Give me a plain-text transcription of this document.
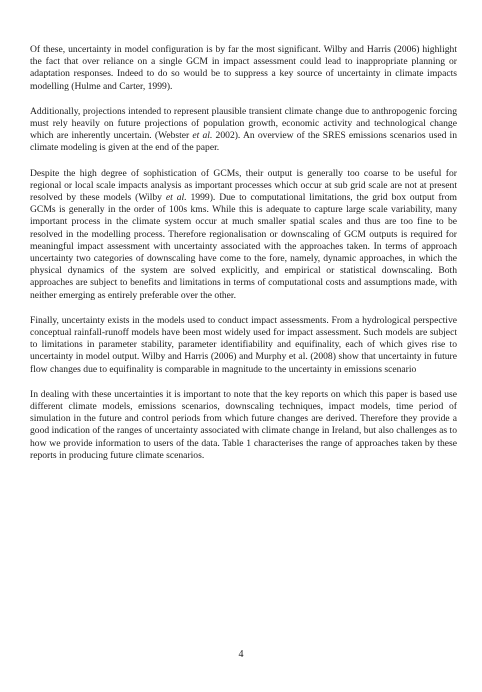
Of these, uncertainty in model configuration is by far the most significant. Wilby and Harris (2006) highlight the fact that over reliance on a single GCM in impact assessment could lead to inappropriate planning or adaptation responses. Indeed to do so would be to suppress a key source of uncertainty in climate impacts modelling (Hulme and Carter, 1999).

Additionally, projections intended to represent plausible transient climate change due to anthropogenic forcing must rely heavily on future projections of population growth, economic activity and technological change which are inherently uncertain. (Webster et al. 2002). An overview of the SRES emissions scenarios used in climate modeling is given at the end of the paper.

Despite the high degree of sophistication of GCMs, their output is generally too coarse to be useful for regional or local scale impacts analysis as important processes which occur at sub grid scale are not at present resolved by these models (Wilby et al. 1999). Due to computational limitations, the grid box output from GCMs is generally in the order of 100s kms. While this is adequate to capture large scale variability, many important process in the climate system occur at much smaller spatial scales and thus are too fine to be resolved in the modelling process. Therefore regionalisation or downscaling of GCM outputs is required for meaningful impact assessment with uncertainty associated with the approaches taken. In terms of approach uncertainty two categories of downscaling have come to the fore, namely, dynamic approaches, in which the physical dynamics of the system are solved explicitly, and empirical or statistical downscaling. Both approaches are subject to benefits and limitations in terms of computational costs and assumptions made, with neither emerging as entirely preferable over the other.

Finally, uncertainty exists in the models used to conduct impact assessments. From a hydrological perspective conceptual rainfall-runoff models have been most widely used for impact assessment. Such models are subject to limitations in parameter stability, parameter identifiability and equifinality, each of which gives rise to uncertainty in model output. Wilby and Harris (2006) and Murphy et al. (2008) show that uncertainty in future flow changes due to equifinality is comparable in magnitude to the uncertainty in emissions scenario

In dealing with these uncertainties it is important to note that the key reports on which this paper is based use different climate models, emissions scenarios, downscaling techniques, impact models, time period of simulation in the future and control periods from which future changes are derived. Therefore they provide a good indication of the ranges of uncertainty associated with climate change in Ireland, but also challenges as to how we provide information to users of the data. Table 1 characterises the range of approaches taken by these reports in producing future climate scenarios.

4
